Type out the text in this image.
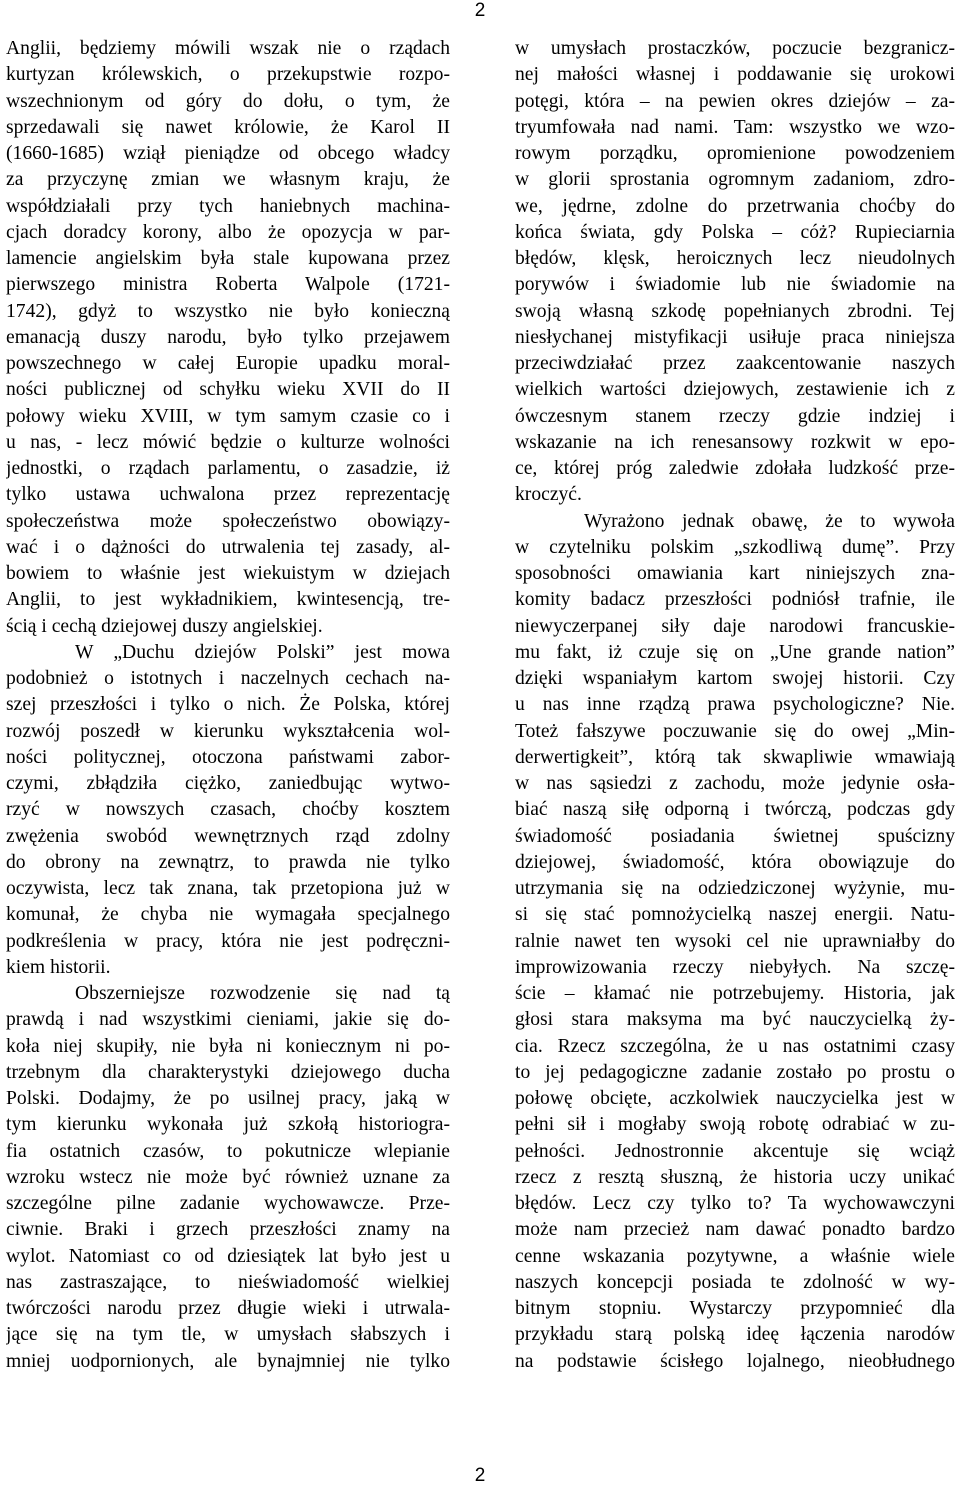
2
Anglii, będziemy mówili wszak nie o rządach
kurtyzan królewskich, o przekupstwie rozpo-
wszechnionym od góry do dołu, o tym, że
sprzedawali się nawet królowie, że Karol II
(1660-1685) wziął pieniądze od obcego władcy
za przyczynę zmian we własnym kraju, że
współdziałali przy tych haniebnych machina-
cjach doradcy korony, albo że opozycja w par-
lamencie angielskim była stale kupowana przez
pierwszego ministra Roberta Walpole (1721-
1742), gdyż to wszystko nie było konieczną
emanacją duszy narodu, było tylko przejawem
powszechnego w całej Europie upadku moral-
ności publicznej od schyłku wieku XVII do II
połowy wieku XVIII, w tym samym czasie co i
u nas, - lecz mówić będzie o kulturze wolności
jednostki, o rządach parlamentu, o zasadzie, iż
tylko ustawa uchwalona przez reprezentację
społeczeństwa może społeczeństwo obowiązy-
wać i o dążności do utrwalenia tej zasady, al-
bowiem to właśnie jest wiekuistym w dziejach
Anglii, to jest wykładnikiem, kwintesencją, tre-
ścią i cechą dziejowej duszy angielskiej.
W „Duchu dziejów Polski” jest mowa
podobnież o istotnych i naczelnych cechach na-
szej przeszłości i tylko o nich. Że Polska, której
rozwój poszedł w kierunku wykształcenia wol-
ności politycznej, otoczona państwami zabor-
czymi, zbłądziła ciężko, zaniedbując wytwo-
rzyć w nowszych czasach, choćby kosztem
zwężenia swobód wewnętrznych rząd zdolny
do obrony na zewnątrz, to prawda nie tylko
oczywista, lecz tak znana, tak przetopiona już w
komunał, że chyba nie wymagała specjalnego
podkreślenia w pracy, która nie jest podręczni-
kiem historii.
Obszerniejsze rozwodzenie się nad tą
prawdą i nad wszystkimi cieniami, jakie się do-
koła niej skupiły, nie była ni koniecznym ni po-
trzebnym dla charakterystyki dziejowego ducha
Polski. Dodajmy, że po usilnej pracy, jaką w
tym kierunku wykonała już szkołą historiogra-
fia ostatnich czasów, to pokutnicze wlepianie
wzroku wstecz nie może być również uznane za
szczególne pilne zadanie wychowawcze. Prze-
ciwnie. Braki i grzech przeszłości znamy na
wylot. Natomiast co od dziesiątek lat było jest u
nas zastraszające, to nieświadomość wielkiej
twórczości narodu przez długie wieki i utrwala-
jące się na tym tle, w umysłach słabszych i
mniej uodpornionych, ale bynajmniej nie tylko
w umysłach prostaczków, poczucie bezgranicz-
nej małości własnej i poddawanie się urokowi
potęgi, która – na pewien okres dziejów – za-
tryumfowała nad nami. Tam: wszystko we wzo-
rowym porządku, opromienione powodzeniem
w glorii sprostania ogromnym zadaniom, zdro-
we, jędrne, zdolne do przetrwania choćby do
końca świata, gdy Polska – cóż? Rupieciarnia
błędów, klęsk, heroicznych lecz nieudolnych
porywów i świadomie lub nie świadomie na
swoją własną szkodę popełnianych zbrodni. Tej
niesłychanej mistyfikacji usiłuje praca niniejsza
przeciwdziałać przez zaakcentowanie naszych
wielkich wartości dziejowych, zestawienie ich z
ówczesnym stanem rzeczy gdzie indziej i
wskazanie na ich renesansowy rozkwit w epo-
ce, której próg zaledwie zdołała ludzkość prze-
kroczyć.
Wyrażono jednak obawę, że to wywoła
w czytelniku polskim „szkodliwą dumę”. Przy
sposobności omawiania kart niniejszych zna-
komity badacz przeszłości podniósł trafnie, ile
niewyczerpanej siły daje narodowi francuskie-
mu fakt, iż czuje się on „Une grande nation”
dzięki wspaniałym kartom swojej historii. Czy
u nas inne rządzą prawa psychologiczne? Nie.
Toteż fałszywe poczuwanie się do owej „Min-
derwertigkeit”, którą tak skwapliwie wmawiają
w nas sąsiedzi z zachodu, może jedynie osła-
biać naszą siłę odporną i twórczą, podczas gdy
świadomość posiadania świetnej spuścizny
dziejowej, świadomość, która obowiązuje do
utrzymania się na odziedziczonej wyżynie, mu-
si się stać pomnożycielką naszej energii. Natu-
ralnie nawet ten wysoki cel nie uprawniałby do
improwizowania rzeczy niebyłych. Na szczę-
ście – kłamać nie potrzebujemy. Historia, jak
głosi stara maksyma ma być nauczycielką ży-
cia. Rzecz szczególna, że u nas ostatnimi czasy
to jej pedagogiczne zadanie zostało po prostu o
połowę obcięte, aczkolwiek nauczycielka jest w
pełni sił i mogłaby swoją robotę odrabiać w zu-
pełności. Jednostronnie akcentuje się wciąż
rzecz z resztą słuszną, że historia uczy unikać
błędów. Lecz czy tylko to? Ta wychowawczyni
może nam przecież nam dawać ponadto bardzo
cenne wskazania pozytywne, a właśnie wiele
naszych koncepcji posiada te zdolność w wy-
bitnym stopniu. Wystarczy przypomnieć dla
przykładu starą polską ideę łączenia narodów
na podstawie ścisłego lojalnego, nieobłudnego
2
